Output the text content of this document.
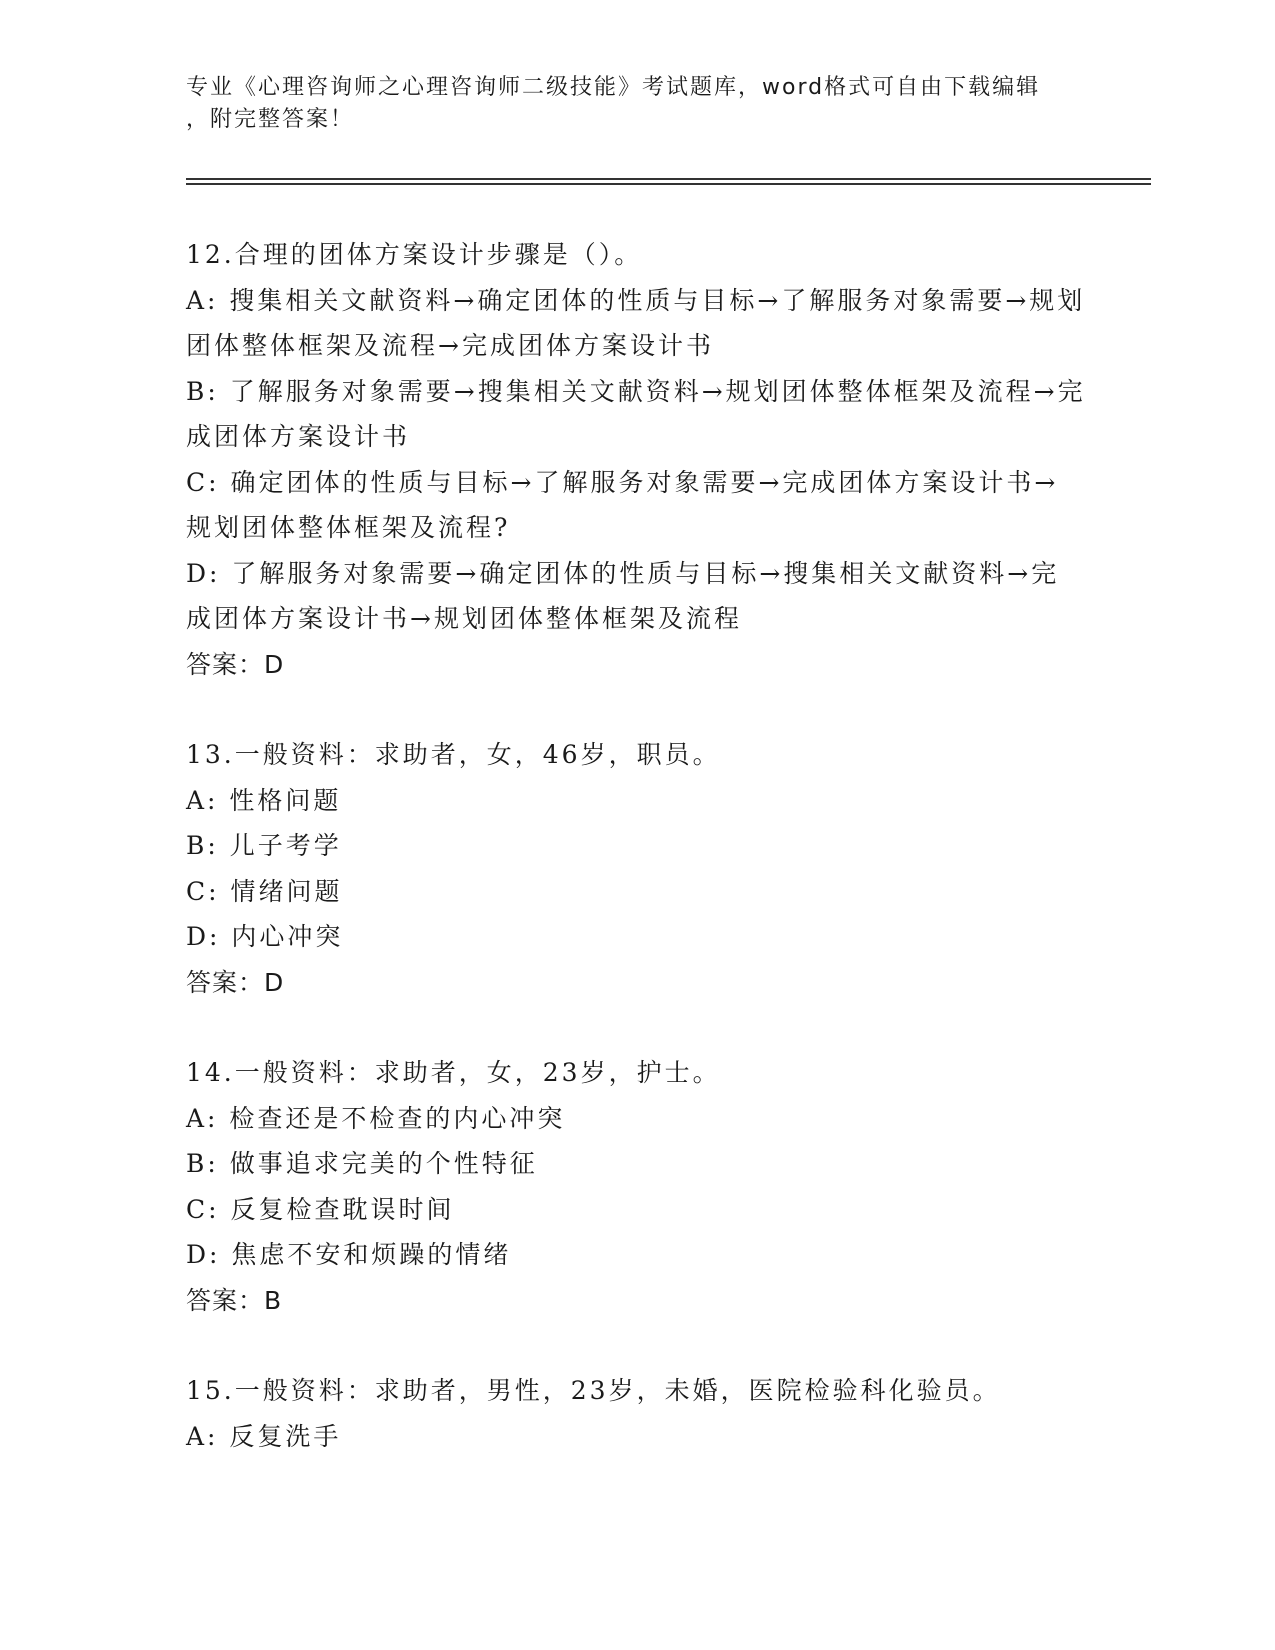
专业《心理咨询师之心理咨询师二级技能》考试题库，word格式可自由下载编辑

，附完整答案！

12.合理的团体方案设计步骤是（）。

A: 搜集相关文献资料→确定团体的性质与目标→了解服务对象需要→规划团体整体框架及流程→完成团体方案设计书

B: 了解服务对象需要→搜集相关文献资料→规划团体整体框架及流程→完成团体方案设计书

C: 确定团体的性质与目标→了解服务对象需要→完成团体方案设计书→规划团体整体框架及流程?

D: 了解服务对象需要→确定团体的性质与目标→搜集相关文献资料→完成团体方案设计书→规划团体整体框架及流程

答案：D

13.一般资料：求助者，女，46岁，职员。

A: 性格问题

B: 儿子考学

C: 情绪问题

D: 内心冲突

答案：D

14.一般资料：求助者，女，23岁，护士。

A: 检查还是不检查的内心冲突

B: 做事追求完美的个性特征

C: 反复检查耽误时间

D: 焦虑不安和烦躁的情绪

答案：B

15.一般资料：求助者，男性，23岁，未婚，医院检验科化验员。

A: 反复洗手
